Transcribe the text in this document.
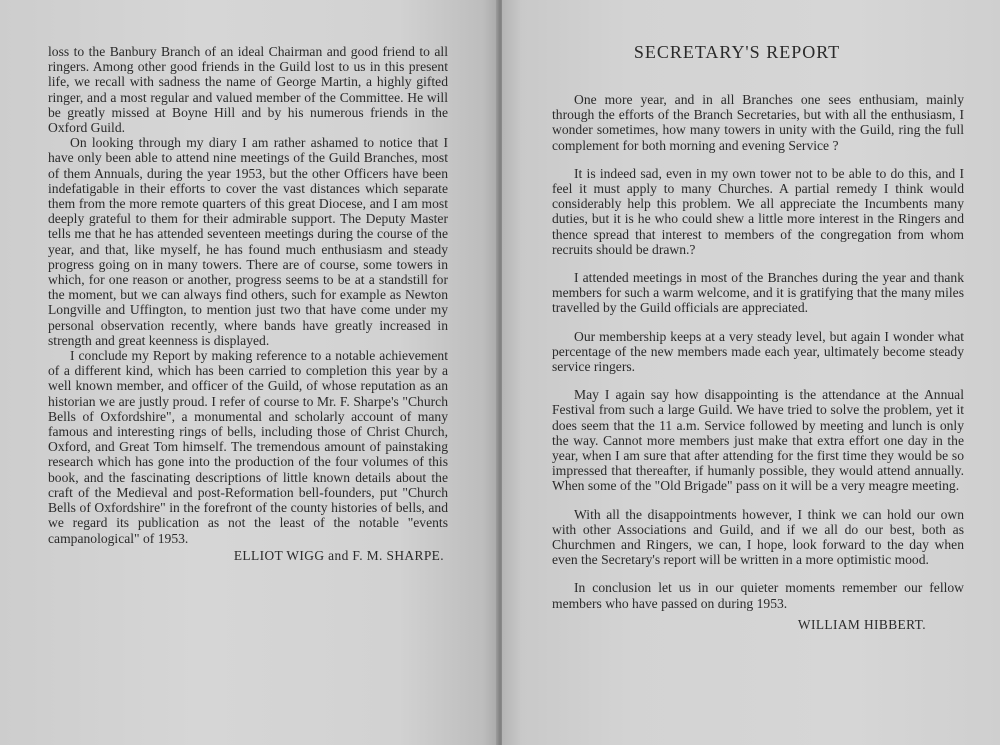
loss to the Banbury Branch of an ideal Chairman and good friend to all ringers. Among other good friends in the Guild lost to us in this present life, we recall with sadness the name of George Martin, a highly gifted ringer, and a most regular and valued member of the Committee. He will be greatly missed at Boyne Hill and by his numerous friends in the Oxford Guild.

On looking through my diary I am rather ashamed to notice that I have only been able to attend nine meetings of the Guild Branches, most of them Annuals, during the year 1953, but the other Officers have been indefatigable in their efforts to cover the vast distances which separate them from the more remote quarters of this great Diocese, and I am most deeply grateful to them for their admirable support. The Deputy Master tells me that he has attended seventeen meetings during the course of the year, and that, like myself, he has found much enthusiasm and steady progress going on in many towers. There are of course, some towers in which, for one reason or another, progress seems to be at a standstill for the moment, but we can always find others, such for example as Newton Longville and Uffington, to mention just two that have come under my personal observation recently, where bands have greatly increased in strength and great keenness is displayed.

I conclude my Report by making reference to a notable achievement of a different kind, which has been carried to completion this year by a well known member, and officer of the Guild, of whose reputation as an historian we are justly proud. I refer of course to Mr. F. Sharpe's "Church Bells of Oxfordshire", a monumental and scholarly account of many famous and interesting rings of bells, including those of Christ Church, Oxford, and Great Tom himself. The tremendous amount of painstaking research which has gone into the production of the four volumes of this book, and the fascinating descriptions of little known details about the craft of the Medieval and post-Reformation bell-founders, put "Church Bells of Oxfordshire" in the forefront of the county histories of bells, and we regard its publication as not the least of the notable "events campanological" of 1953.

ELLIOT WIGG and F. M. SHARPE.
SECRETARY'S REPORT

One more year, and in all Branches one sees enthusiam, mainly through the efforts of the Branch Secretaries, but with all the enthusiasm, I wonder sometimes, how many towers in unity with the Guild, ring the full complement for both morning and evening Service ?

It is indeed sad, even in my own tower not to be able to do this, and I feel it must apply to many Churches. A partial remedy I think would considerably help this problem. We all appreciate the Incumbents many duties, but it is he who could shew a little more interest in the Ringers and thence spread that interest to members of the congregation from whom recruits should be drawn.?

I attended meetings in most of the Branches during the year and thank members for such a warm welcome, and it is gratifying that the many miles travelled by the Guild officials are appreciated.

Our membership keeps at a very steady level, but again I wonder what percentage of the new members made each year, ultimately become steady service ringers.

May I again say how disappointing is the attendance at the Annual Festival from such a large Guild. We have tried to solve the problem, yet it does seem that the 11 a.m. Service followed by meeting and lunch is only the way. Cannot more members just make that extra effort one day in the year, when I am sure that after attending for the first time they would be so impressed that thereafter, if humanly possible, they would attend annually. When some of the "Old Brigade" pass on it will be a very meagre meeting.

With all the disappointments however, I think we can hold our own with other Associations and Guild, and if we all do our best, both as Churchmen and Ringers, we can, I hope, look forward to the day when even the Secretary's report will be written in a more optimistic mood.

In conclusion let us in our quieter moments remember our fellow members who have passed on during 1953.

WILLIAM HIBBERT.
